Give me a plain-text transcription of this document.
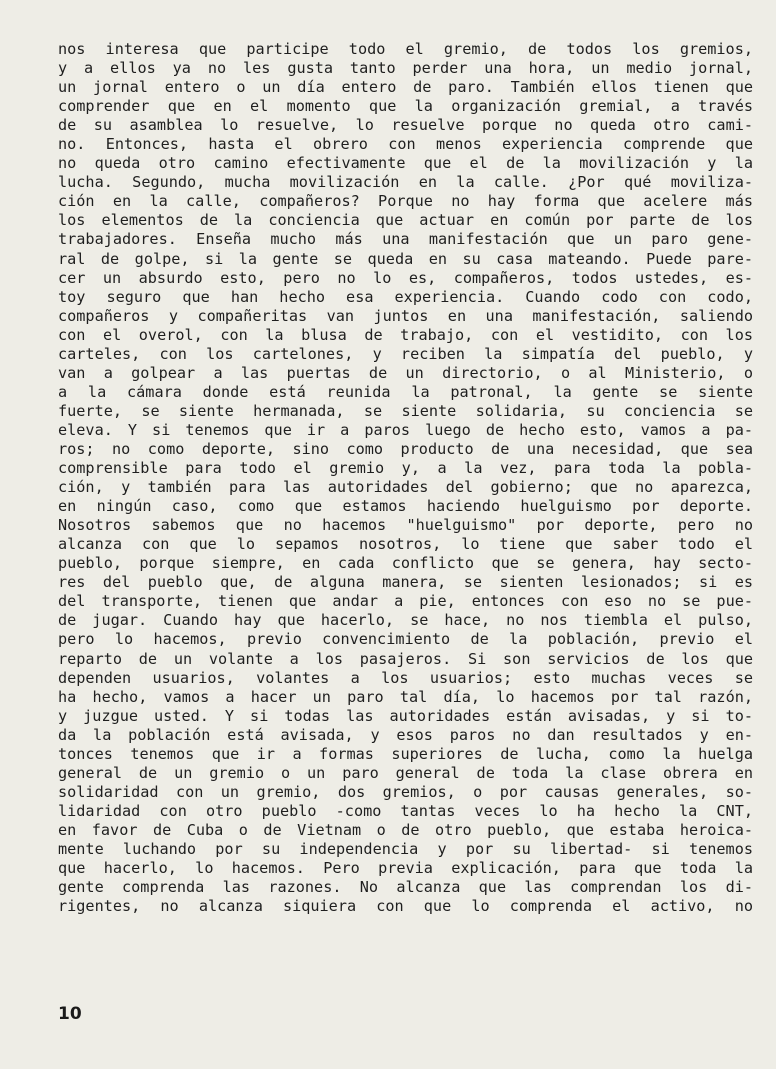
nos interesa que participe todo el gremio, de todos los gremios,
y a ellos ya no les gusta tanto perder una hora, un medio jornal,
un jornal entero o un día entero de paro. También ellos tienen que
comprender que en el momento que la organización gremial, a través
de su asamblea lo resuelve, lo resuelve porque no queda otro cami-
no. Entonces, hasta el obrero con menos experiencia comprende que
no queda otro camino efectivamente que el de la movilización y la
lucha. Segundo, mucha movilización en la calle. ¿Por qué moviliza-
ción en la calle, compañeros? Porque no hay forma que acelere más
los elementos de la conciencia que actuar en común por parte de los
trabajadores. Enseña mucho más una manifestación que un paro gene-
ral de golpe, si la gente se queda en su casa mateando. Puede pare-
cer un absurdo esto, pero no lo es, compañeros, todos ustedes, es-
toy seguro que han hecho esa experiencia. Cuando codo con codo,
compañeros y compañeritas van juntos en una manifestación, saliendo
con el overol, con la blusa de trabajo, con el vestidito, con los
carteles, con los cartelones, y reciben la simpatía del pueblo, y
van a golpear a las puertas de un directorio, o al Ministerio, o
a la cámara donde está reunida la patronal, la gente se siente
fuerte, se siente hermanada, se siente solidaria, su conciencia se
eleva. Y si tenemos que ir a paros luego de hecho esto, vamos a pa-
ros; no como deporte, sino como producto de una necesidad, que sea
comprensible para todo el gremio y, a la vez, para toda la pobla-
ción, y también para las autoridades del gobierno; que no aparezca,
en ningún caso, como que estamos haciendo huelguismo por deporte.
Nosotros sabemos que no hacemos "huelguismo" por deporte, pero no
alcanza con que lo sepamos nosotros, lo tiene que saber todo el
pueblo, porque siempre, en cada conflicto que se genera, hay secto-
res del pueblo que, de alguna manera, se sienten lesionados; si es
del transporte, tienen que andar a pie, entonces con eso no se pue-
de jugar. Cuando hay que hacerlo, se hace, no nos tiembla el pulso,
pero lo hacemos, previo convencimiento de la población, previo el
reparto de un volante a los pasajeros. Si son servicios de los que
dependen usuarios, volantes a los usuarios; esto muchas veces se
ha hecho, vamos a hacer un paro tal día, lo hacemos por tal razón,
y juzgue usted. Y si todas las autoridades están avisadas, y si to-
da la población está avisada, y esos paros no dan resultados y en-
tonces tenemos que ir a formas superiores de lucha, como la huelga
general de un gremio o un paro general de toda la clase obrera en
solidaridad con un gremio, dos gremios, o por causas generales, so-
lidaridad con otro pueblo -como tantas veces lo ha hecho la CNT,
en favor de Cuba o de Vietnam o de otro pueblo, que estaba heroica-
mente luchando por su independencia y por su libertad- si tenemos
que hacerlo, lo hacemos. Pero previa explicación, para que toda la
gente comprenda las razones. No alcanza que las comprendan los di-
rigentes, no alcanza siquiera con que lo comprenda el activo, no
10
